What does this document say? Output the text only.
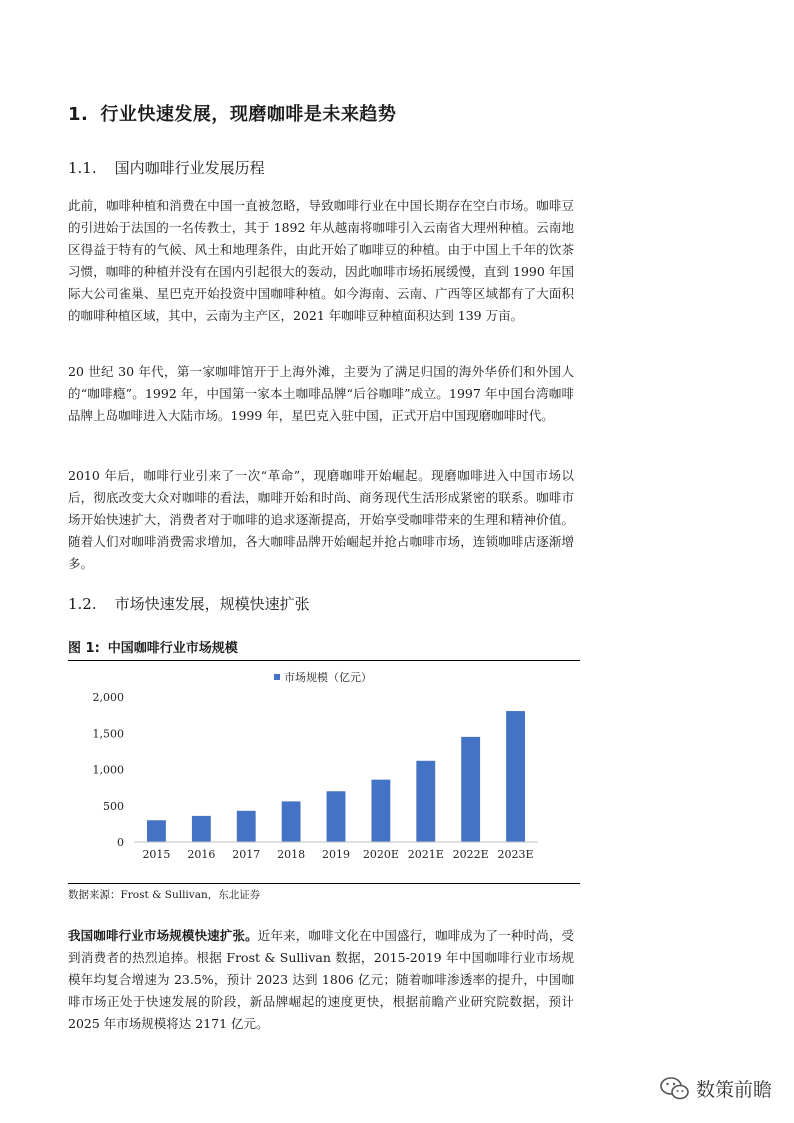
1. 行业快速发展，现磨咖啡是未来趋势
1.1. 国内咖啡行业发展历程

此前，咖啡种植和消费在中国一直被忽略，导致咖啡行业在中国长期存在空白市场。咖啡豆的引进始于法国的一名传教士，其于 1892 年从越南将咖啡引入云南省大理州种植。云南地区得益于特有的气候、风土和地理条件，由此开始了咖啡豆的种植。由于中国上千年的饮茶习惯，咖啡的种植并没有在国内引起很大的轰动，因此咖啡市场拓展缓慢，直到 1990 年国际大公司雀巢、星巴克开始投资中国咖啡种植。如今海南、云南、广西等区域都有了大面积的咖啡种植区域，其中，云南为主产区，2021 年咖啡豆种植面积达到 139 万亩。

20 世纪 30 年代，第一家咖啡馆开于上海外滩，主要为了满足归国的海外华侨们和外国人的“咖啡瘾”。1992 年，中国第一家本土咖啡品牌“后谷咖啡”成立。1997 年中国台湾咖啡品牌上岛咖啡进入大陆市场。1999 年，星巴克入驻中国，正式开启中国现磨咖啡时代。

2010 年后，咖啡行业引来了一次“革命”，现磨咖啡开始崛起。现磨咖啡进入中国市场以后，彻底改变大众对咖啡的看法，咖啡开始和时尚、商务现代生活形成紧密的联系。咖啡市场开始快速扩大，消费者对于咖啡的追求逐渐提高，开始享受咖啡带来的生理和精神价值。随着人们对咖啡消费需求增加，各大咖啡品牌开始崛起并抢占咖啡市场，连锁咖啡店逐渐增多。

1.2. 市场快速发展，规模快速扩张

图 1: 中国咖啡行业市场规模

市场规模（亿元）
0
500
1,000
1,500
2,000
2015 2016 2017 2018 2019 2020E 2021E 2022E 2023E

数据来源：Frost & Sullivan，东北证券

我国咖啡行业市场规模快速扩张。近年来，咖啡文化在中国盛行，咖啡成为了一种时尚，受到消费者的热烈追捧。根据 Frost & Sullivan 数据，2015-2019 年中国咖啡行业市场规模年均复合增速为 23.5%，预计 2023 达到 1806 亿元；随着咖啡渗透率的提升，中国咖啡市场正处于快速发展的阶段，新品牌崛起的速度更快，根据前瞻产业研究院数据，预计 2025 年市场规模将达 2171 亿元。

数策前瞻
